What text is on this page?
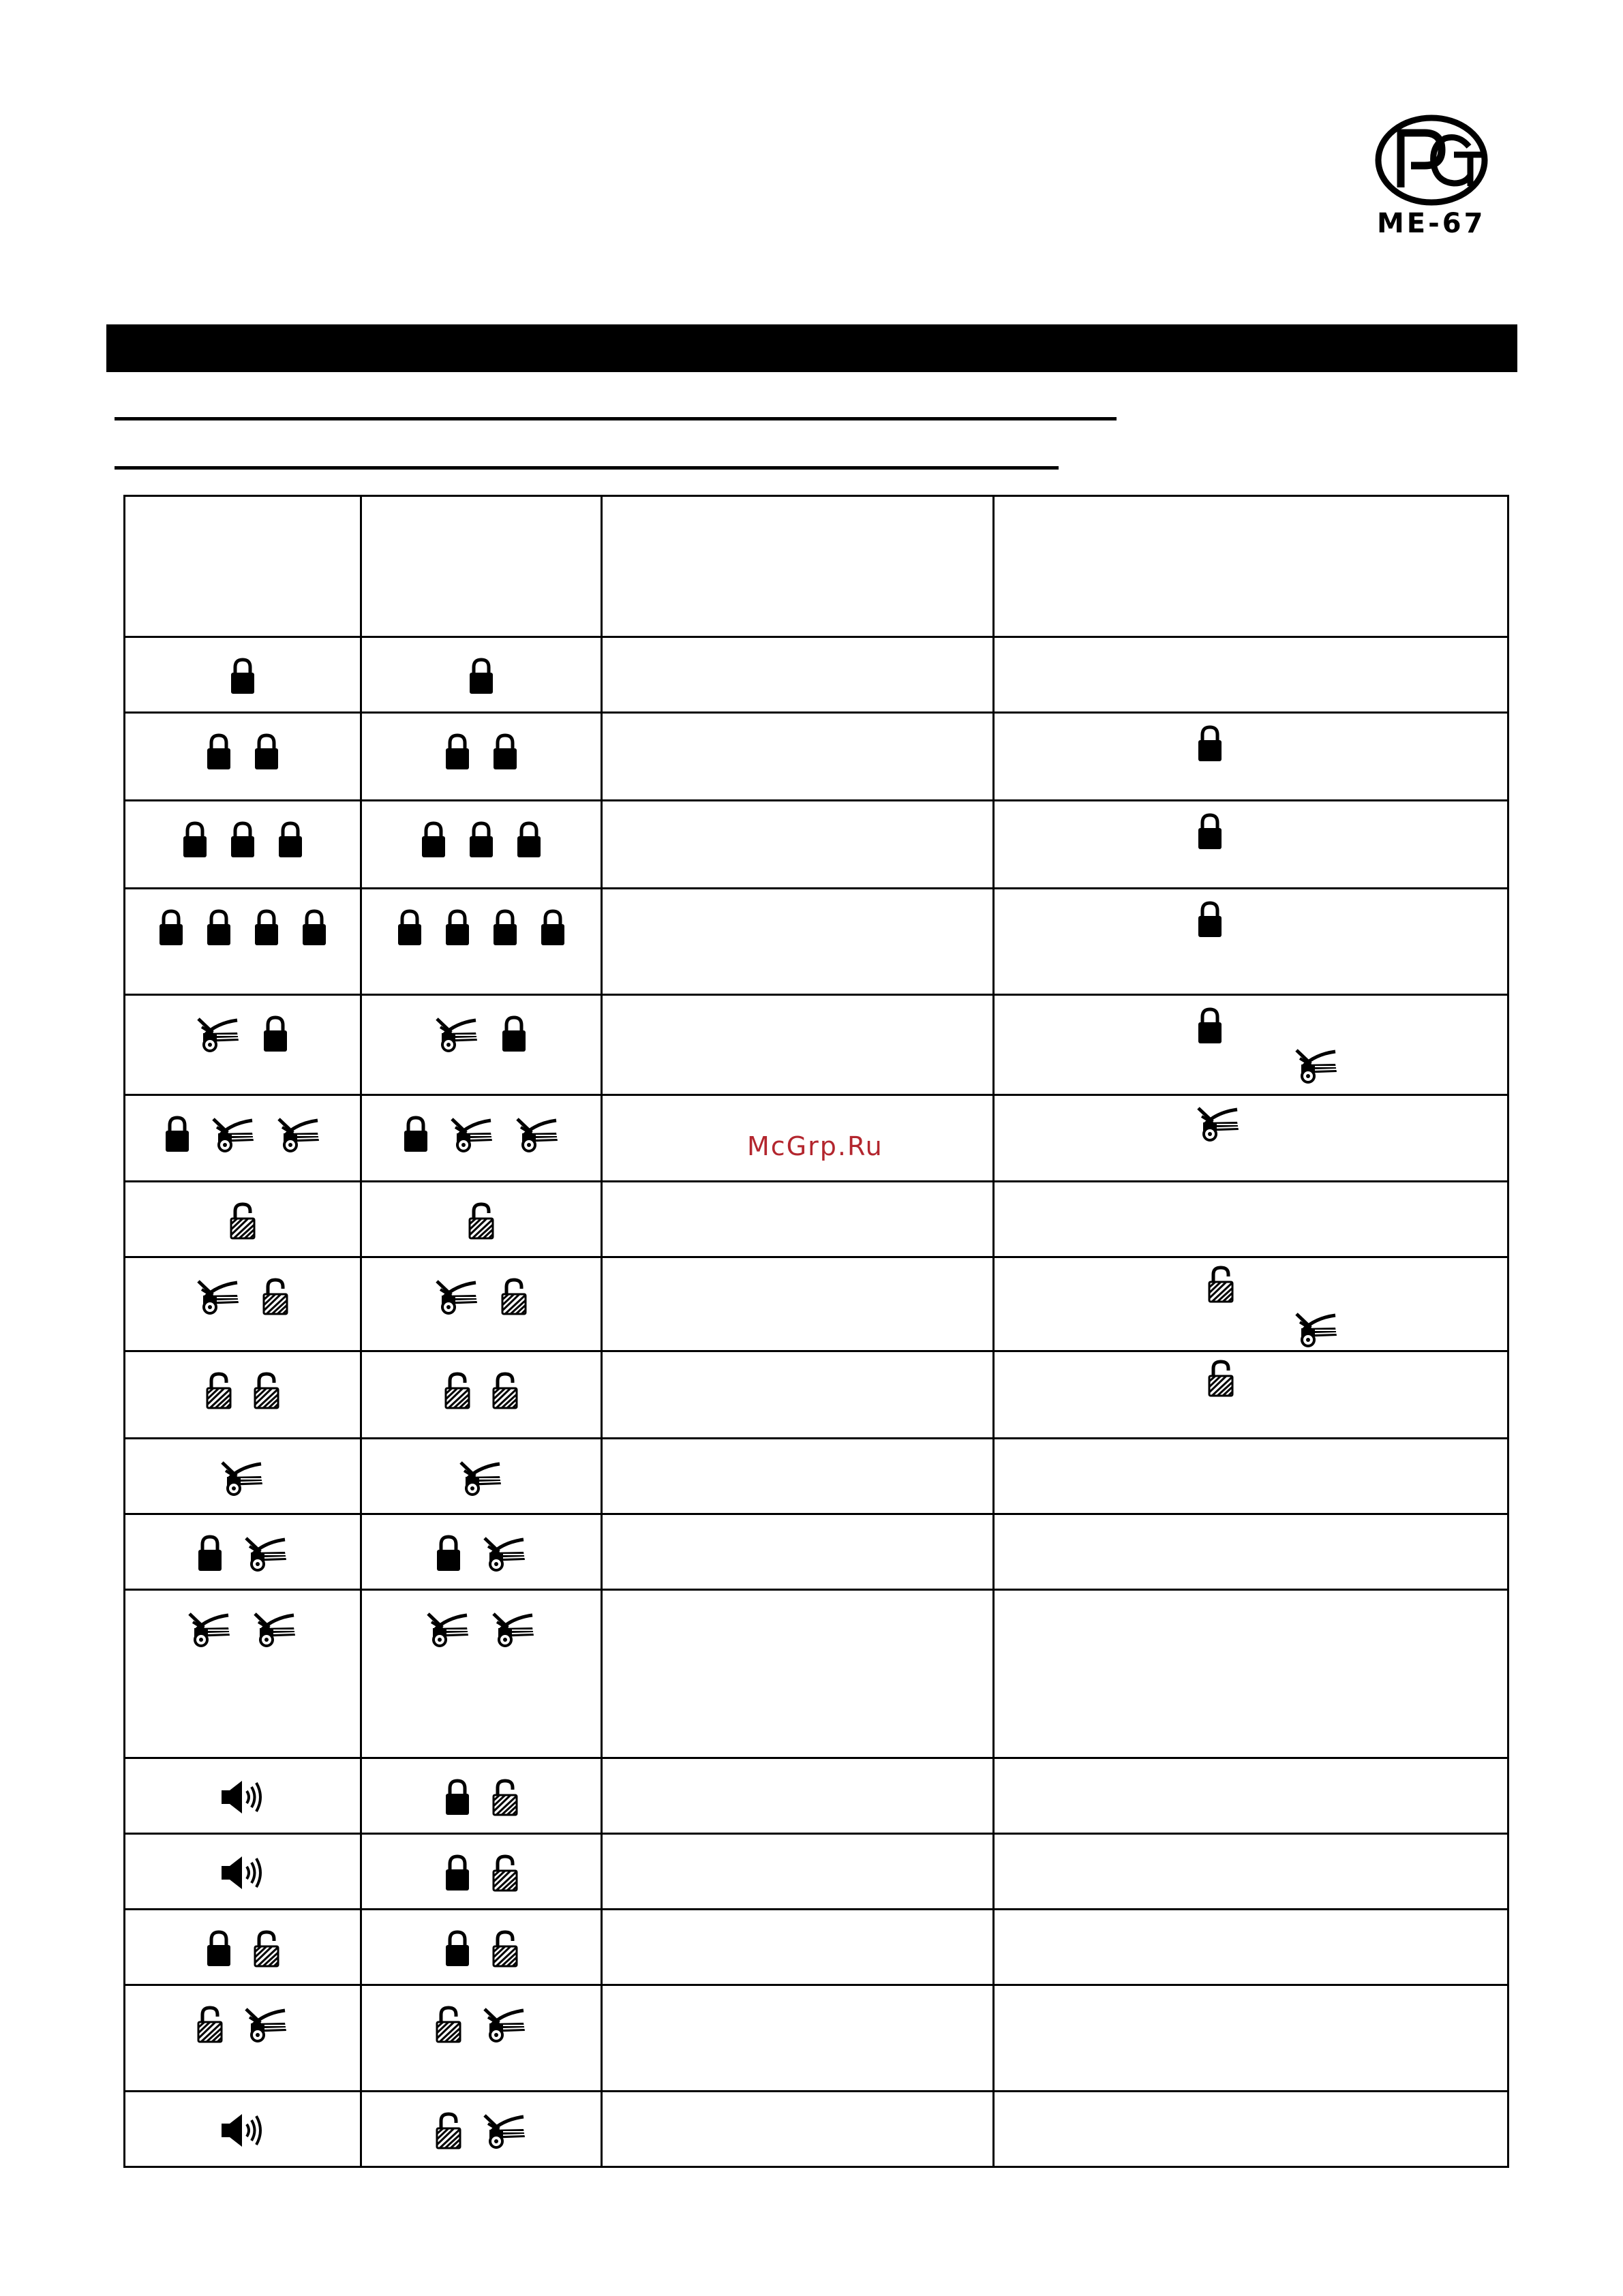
ME-67

McGrp.Ru
